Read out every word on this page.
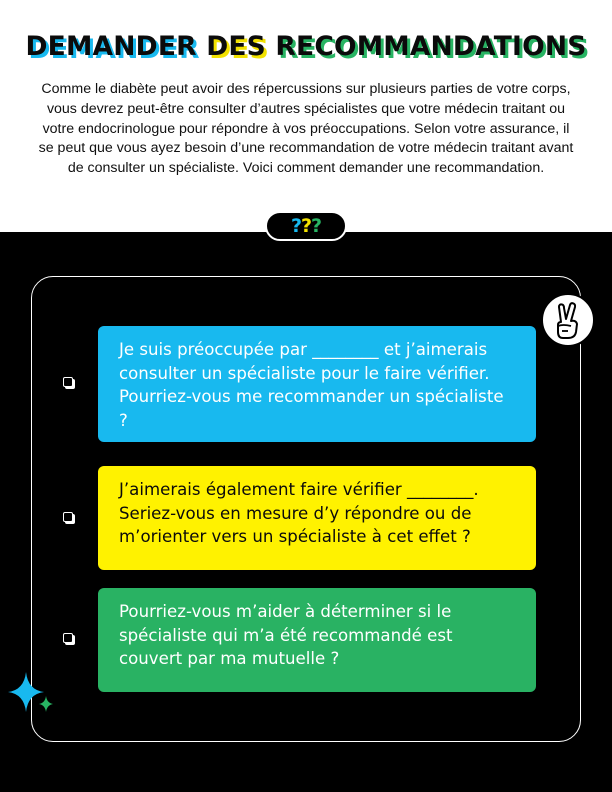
DEMANDER DES RECOMMANDATIONS
Comme le diabète peut avoir des répercussions sur plusieurs parties de votre corps, vous devrez peut-être consulter d’autres spécialistes que votre médecin traitant ou votre endocrinologue pour répondre à vos préoccupations. Selon votre assurance, il se peut que vous ayez besoin d’une recommandation de votre médecin traitant avant de consulter un spécialiste. Voici comment demander une recommandation.
???
Je suis préoccupée par ________ et j’aimerais consulter un spécialiste pour le faire vérifier. Pourriez-vous me recommander un spécialiste ?
J’aimerais également faire vérifier ________. Seriez-vous en mesure d’y répondre ou de m’orienter vers un spécialiste à cet effet ?
Pourriez-vous m’aider à déterminer si le spécialiste qui m’a été recommandé est couvert par ma mutuelle ?
